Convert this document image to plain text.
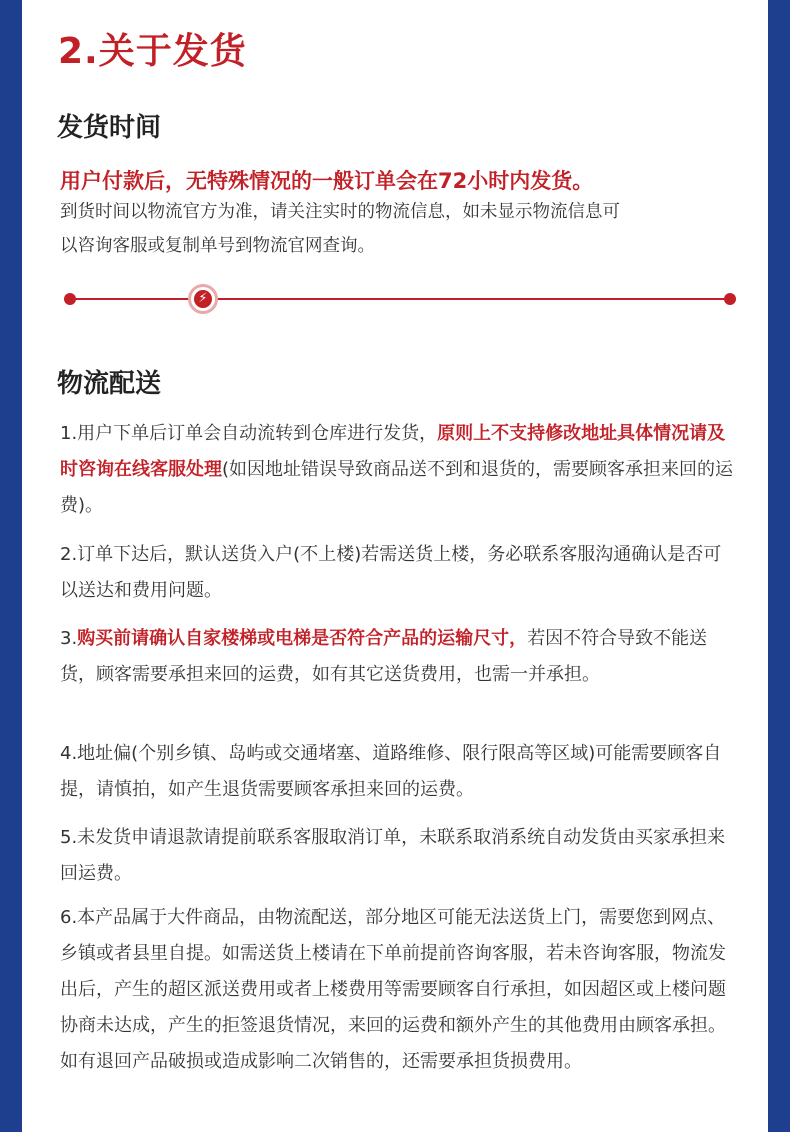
2.关于发货
发货时间
用户付款后，无特殊情况的一般订单会在72小时内发货。
到货时间以物流官方为准，请关注实时的物流信息，如未显示物流信息可
以咨询客服或复制单号到物流官网查询。
⚡
物流配送
1.用户下单后订单会自动流转到仓库进行发货，原则上不支持修改地址具体情况请及时咨询在线客服处理(如因地址错误导致商品送不到和退货的，需要顾客承担来回的运费)。
2.订单下达后，默认送货入户(不上楼)若需送货上楼，务必联系客服沟通确认是否可以送达和费用问题。
3.购买前请确认自家楼梯或电梯是否符合产品的运输尺寸，若因不符合导致不能送货，顾客需要承担来回的运费，如有其它送货费用，也需一并承担。
4.地址偏(个别乡镇、岛屿或交通堵塞、道路维修、限行限高等区域)可能需要顾客自提，请慎拍，如产生退货需要顾客承担来回的运费。
5.未发货申请退款请提前联系客服取消订单，未联系取消系统自动发货由买家承担来回运费。
6.本产品属于大件商品，由物流配送，部分地区可能无法送货上门，需要您到网点、乡镇或者县里自提。如需送货上楼请在下单前提前咨询客服，若未咨询客服，物流发出后，产生的超区派送费用或者上楼费用等需要顾客自行承担，如因超区或上楼问题协商未达成，产生的拒签退货情况，来回的运费和额外产生的其他费用由顾客承担。如有退回产品破损或造成影响二次销售的，还需要承担货损费用。
